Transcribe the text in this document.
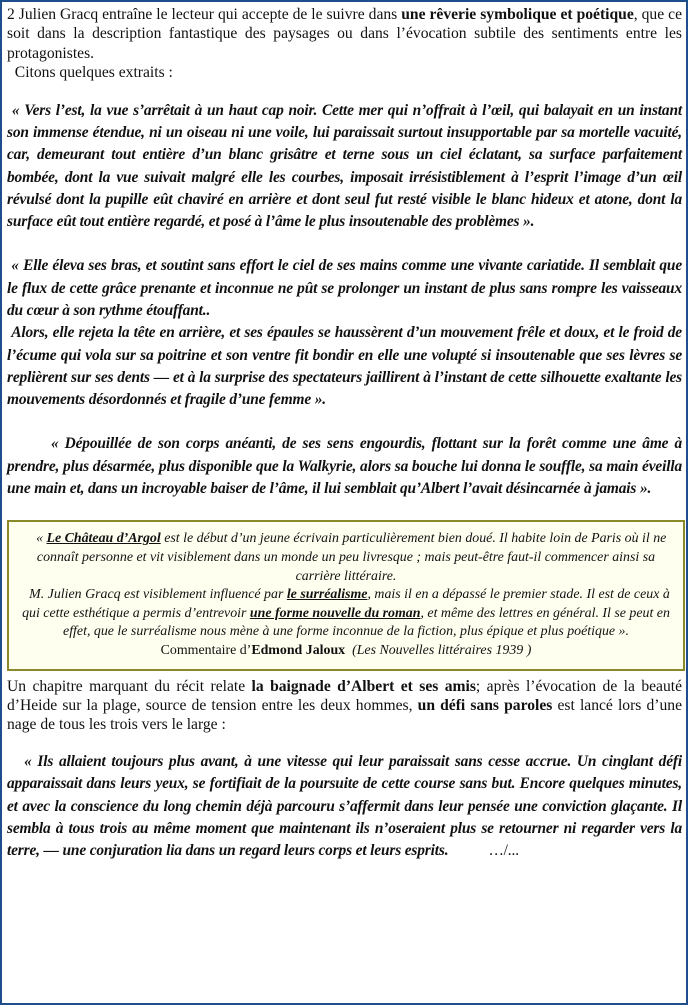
2 Julien Gracq entraîne le lecteur qui accepte de le suivre dans une rêverie symbolique et poétique, que ce soit dans la description fantastique des paysages ou dans l’évocation subtile des sentiments entre les protagonistes.
Citons quelques extraits :

« Vers l’est, la vue s’arrêtait à un haut cap noir. Cette mer qui n’offrait à l’œil, qui balayait en un instant son immense étendue, ni un oiseau ni une voile, lui paraissait surtout insupportable par sa mortelle vacuité, car, demeurant tout entière d’un blanc grisâtre et terne sous un ciel éclatant, sa surface parfaitement bombée, dont la vue suivait malgré elle les courbes, imposait irrésistiblement à l’esprit l’image d’un œil révulsé dont la pupille eût chaviré en arrière et dont seul fut resté visible le blanc hideux et atone, dont la surface eût tout entière regardé, et posé à l’âme le plus insoutenable des problèmes ».

« Elle éleva ses bras, et soutint sans effort le ciel de ses mains comme une vivante cariatide. Il semblait que le flux de cette grâce prenante et inconnue ne pût se prolonger un instant de plus sans rompre les vaisseaux du cœur à son rythme étouffant..

Alors, elle rejeta la tête en arrière, et ses épaules se haussèrent d’un mouvement frêle et doux, et le froid de l’écume qui vola sur sa poitrine et son ventre fit bondir en elle une volupté si insoutenable que ses lèvres se replièrent sur ses dents — et à la surprise des spectateurs jaillirent à l’instant de cette silhouette exaltante les mouvements désordonnés et fragile d’une femme ».

« Dépouillée de son corps anéanti, de ses sens engourdis, flottant sur la forêt comme une âme à prendre, plus désarmée, plus disponible que la Walkyrie, alors sa bouche lui donna le souffle, sa main éveilla une main et, dans un incroyable baiser de l’âme, il lui semblait qu’Albert l’avait désincarnée à jamais ».

« Le Château d’Argol est le début d’un jeune écrivain particulièrement bien doué. Il habite loin de Paris où il ne connaît personne et vit visiblement dans un monde un peu livresque ; mais peut-être faut-il commencer ainsi sa carrière littéraire.
M. Julien Gracq est visiblement influencé par le surréalisme, mais il en a dépassé le premier stade. Il est de ceux à qui cette esthétique a permis d’entrevoir une forme nouvelle du roman, et même des lettres en général. Il se peut en effet, que le surréalisme nous mène à une forme inconnue de la fiction, plus épique et plus poétique ».
Commentaire d’Edmond Jaloux (Les Nouvelles littéraires 1939 )

Un chapitre marquant du récit relate la baignade d’Albert et ses amis; après l’évocation de la beauté d’Heide sur la plage, source de tension entre les deux hommes, un défi sans paroles est lancé lors d’une nage de tous les trois vers le large :

« Ils allaient toujours plus avant, à une vitesse qui leur paraissait sans cesse accrue. Un cinglant défi apparaissait dans leurs yeux, se fortifiait de la poursuite de cette course sans but. Encore quelques minutes, et avec la conscience du long chemin déjà parcouru s’affermit dans leur pensée une conviction glaçante. Il sembla à tous trois au même moment que maintenant ils n’oseraient plus se retourner ni regarder vers la terre, — une conjuration lia dans un regard leurs corps et leurs esprits.	…/...
